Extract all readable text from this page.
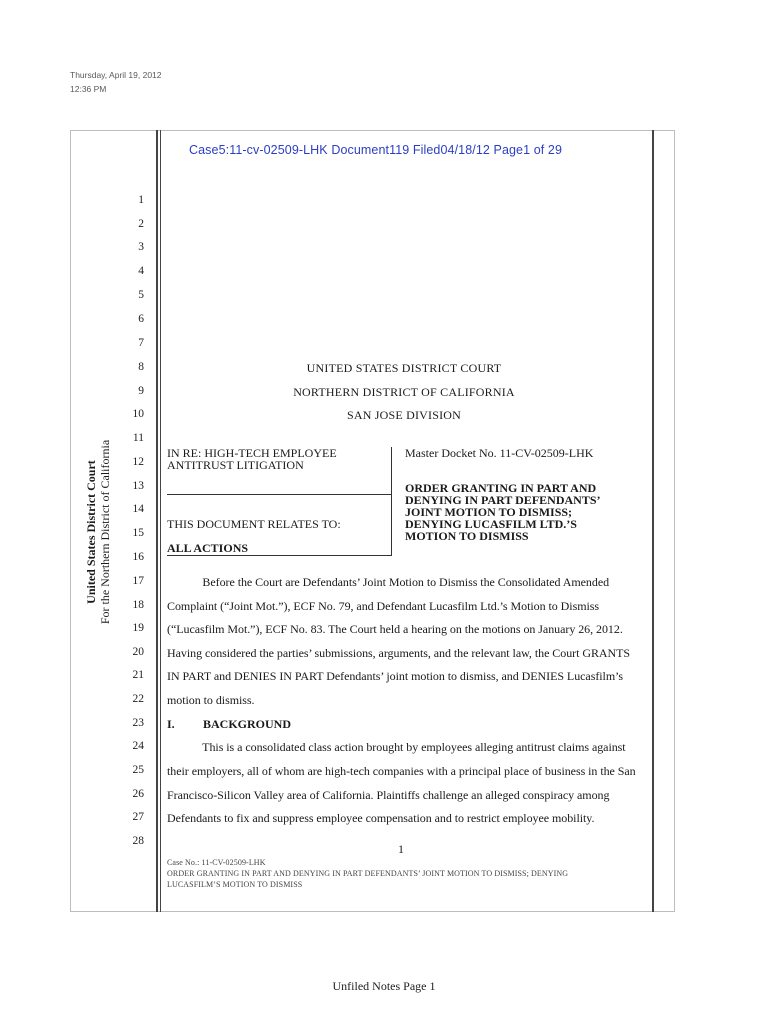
Thursday, April 19, 2012
12:36 PM
Case5:11-cv-02509-LHK Document119 Filed04/18/12 Page1 of 29
1
2
3
4
5
6
7
8
9
10
11
12
13
14
15
16
17
18
19
20
21
22
23
24
25
26
27
28
United States District Court For the Northern District of California
UNITED STATES DISTRICT COURT
NORTHERN DISTRICT OF CALIFORNIA
SAN JOSE DIVISION
IN RE: HIGH-TECH EMPLOYEE
ANTITRUST LITIGATION
THIS DOCUMENT RELATES TO:
ALL ACTIONS
Master Docket No. 11-CV-02509-LHK
ORDER GRANTING IN PART AND
DENYING IN PART DEFENDANTS’
JOINT MOTION TO DISMISS;
DENYING LUCASFILM LTD.’S
MOTION TO DISMISS
Before the Court are Defendants’ Joint Motion to Dismiss the Consolidated Amended
Complaint (“Joint Mot.”), ECF No. 79, and Defendant Lucasfilm Ltd.’s Motion to Dismiss
(“Lucasfilm Mot.”), ECF No. 83. The Court held a hearing on the motions on January 26, 2012.
Having considered the parties’ submissions, arguments, and the relevant law, the Court GRANTS
IN PART and DENIES IN PART Defendants’ joint motion to dismiss, and DENIES Lucasfilm’s
motion to dismiss.
I. BACKGROUND
This is a consolidated class action brought by employees alleging antitrust claims against
their employers, all of whom are high-tech companies with a principal place of business in the San
Francisco-Silicon Valley area of California. Plaintiffs challenge an alleged conspiracy among
Defendants to fix and suppress employee compensation and to restrict employee mobility.
1
Case No.: 11-CV-02509-LHK
ORDER GRANTING IN PART AND DENYING IN PART DEFENDANTS’ JOINT MOTION TO DISMISS; DENYING
LUCASFILM’S MOTION TO DISMISS
Unfiled Notes Page 1
